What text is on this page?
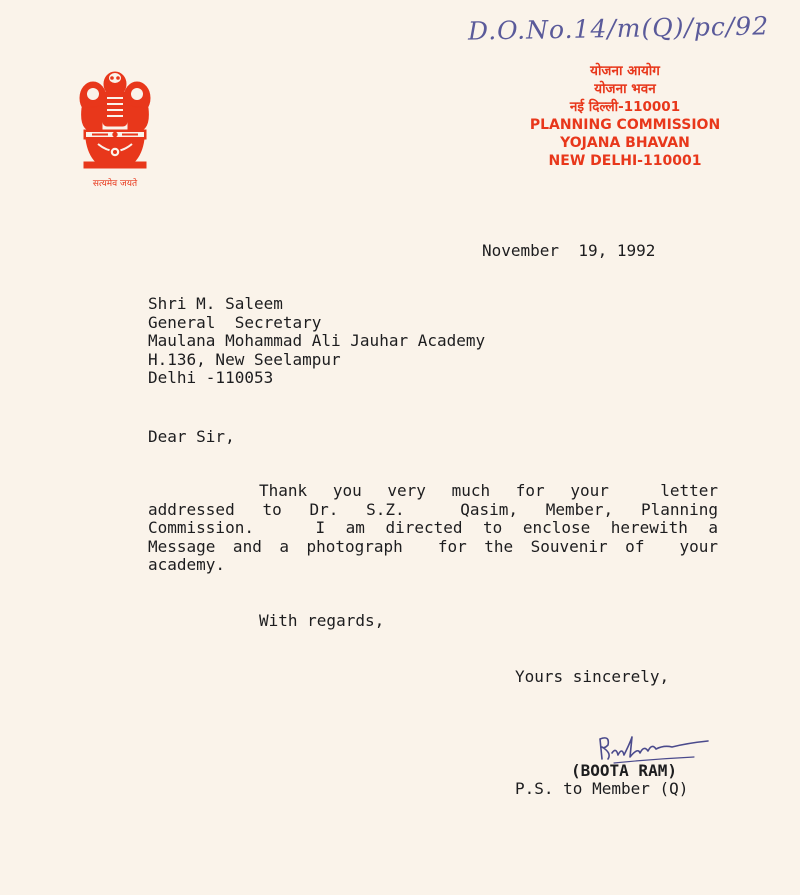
D.O.No.14/m(Q)/pc/92
सत्यमेव जयते
योजना आयोग
योजना भवन
नई दिल्ली-110001
PLANNING COMMISSION
YOJANA BHAVAN
NEW DELHI-110001
November  19, 1992
Shri M. Saleem
General  Secretary
Maulana Mohammad Ali Jauhar Academy
H.136, New Seelampur
Delhi -110053
Dear Sir,
Thank you very much for your  letter
addressed to Dr. S.Z.  Qasim, Member, Planning
Commission.   I am directed to enclose herewith a
Message and a photograph  for the Souvenir of  your
academy.
With regards,
Yours sincerely,
(BOOTA RAM)
P.S. to Member (Q)
